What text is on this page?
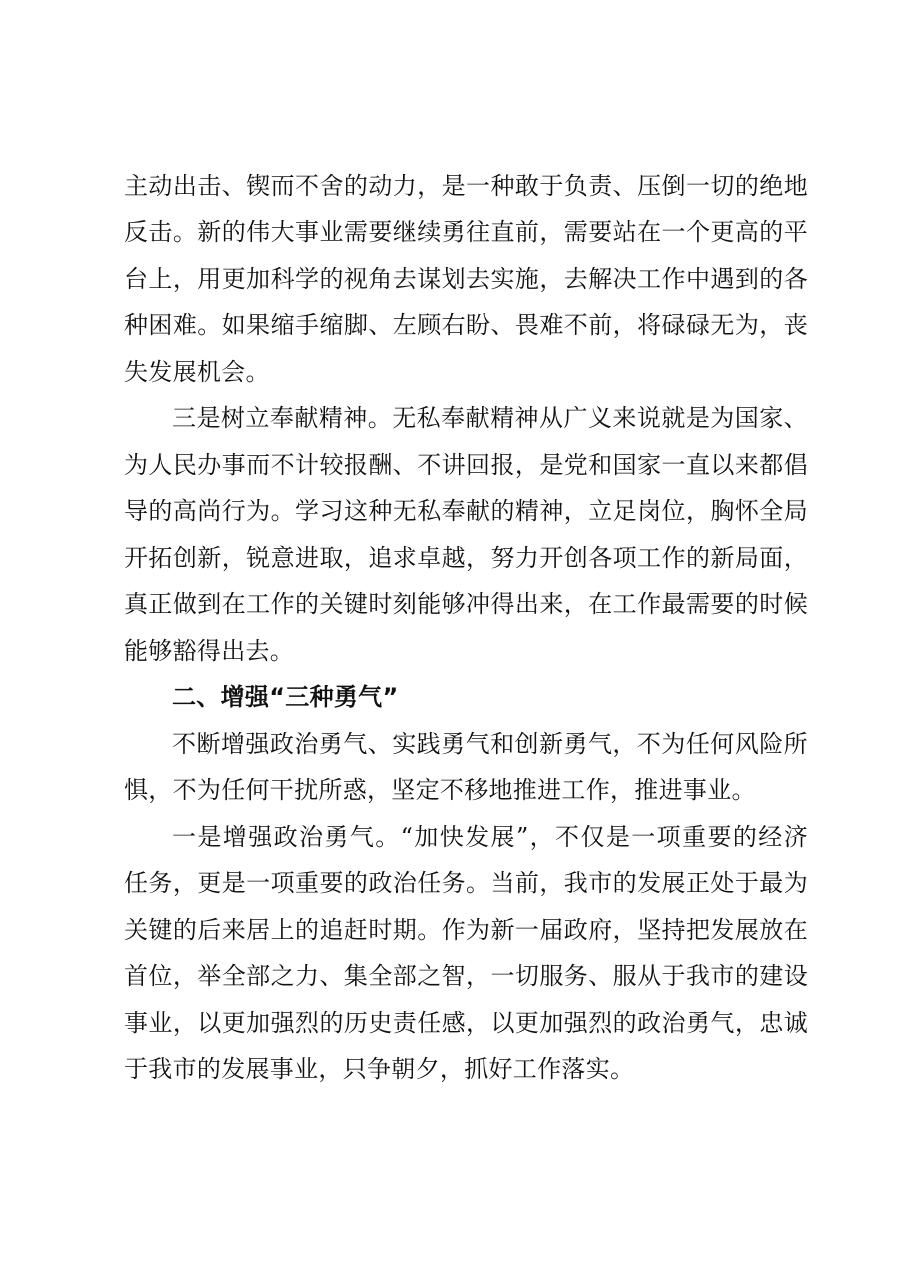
主动出击、锲而不舍的动力，是一种敢于负责、压倒一切的绝地
反击。新的伟大事业需要继续勇往直前，需要站在一个更高的平
台上，用更加科学的视角去谋划去实施，去解决工作中遇到的各
种困难。如果缩手缩脚、左顾右盼、畏难不前，将碌碌无为，丧
失发展机会。
三是树立奉献精神。无私奉献精神从广义来说就是为国家、
为人民办事而不计较报酬、不讲回报，是党和国家一直以来都倡
导的高尚行为。学习这种无私奉献的精神，立足岗位，胸怀全局
开拓创新，锐意进取，追求卓越，努力开创各项工作的新局面，
真正做到在工作的关键时刻能够冲得出来，在工作最需要的时候
能够豁得出去。
二、增强“三种勇气”
不断增强政治勇气、实践勇气和创新勇气，不为任何风险所
惧，不为任何干扰所惑，坚定不移地推进工作，推进事业。
一是增强政治勇气。“加快发展”，不仅是一项重要的经济
任务，更是一项重要的政治任务。当前，我市的发展正处于最为
关键的后来居上的追赶时期。作为新一届政府，坚持把发展放在
首位，举全部之力、集全部之智，一切服务、服从于我市的建设
事业，以更加强烈的历史责任感，以更加强烈的政治勇气，忠诚
于我市的发展事业，只争朝夕，抓好工作落实。
